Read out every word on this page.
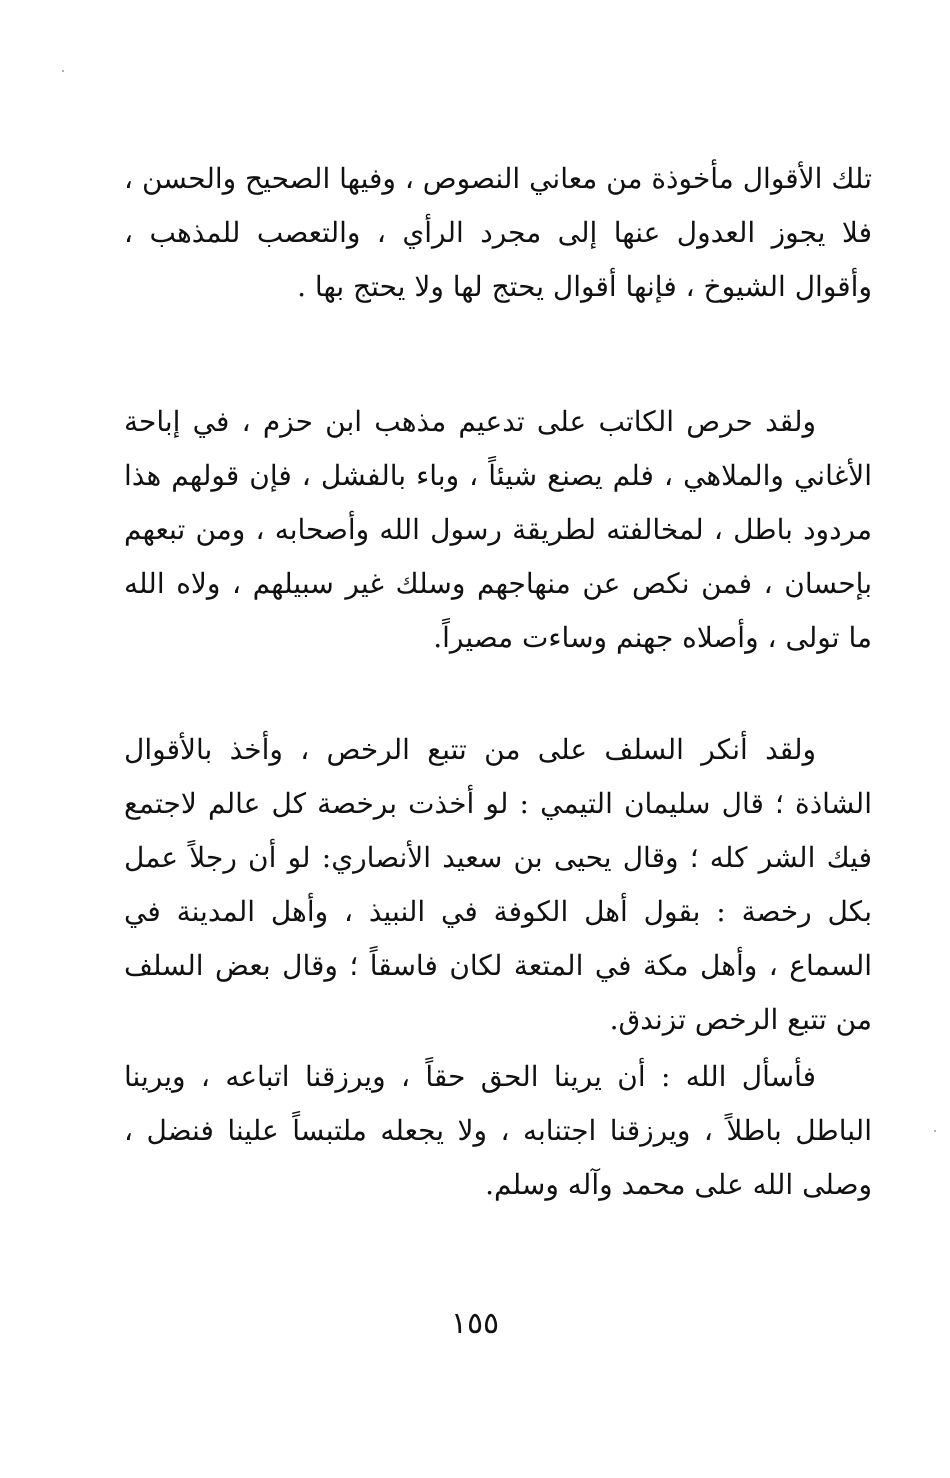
تلك الأقوال مأخوذة من معاني النصوص ، وفيها الصحيح والحسن ، فلا يجوز العدول عنها إلى مجرد الرأي ، والتعصب للمذهب ، وأقوال الشيوخ ، فإنها أقوال يحتج لها ولا يحتج بها .

ولقد حرص الكاتب على تدعيم مذهب ابن حزم ، في إباحة الأغاني والملاهي ، فلم يصنع شيئاً ، وباء بالفشل ، فإن قولهم هذا مردود باطل ، لمخالفته لطريقة رسول الله وأصحابه ، ومن تبعهم بإحسان ، فمن نكص عن منهاجهم وسلك غير سبيلهم ، ولاه الله ما تولى ، وأصلاه جهنم وساءت مصيراً.

ولقد أنكر السلف على من تتبع الرخص ، وأخذ بالأقوال الشاذة ؛ قال سليمان التيمي : لو أخذت برخصة كل عالم لاجتمع فيك الشر كله ؛ وقال يحيى بن سعيد الأنصاري: لو أن رجلاً عمل بكل رخصة : بقول أهل الكوفة في النبيذ ، وأهل المدينة في السماع ، وأهل مكة في المتعة لكان فاسقاً ؛ وقال بعض السلف من تتبع الرخص تزندق.

فأسأل الله : أن يرينا الحق حقاً ، ويرزقنا اتباعه ، ويرينا الباطل باطلاً ، ويرزقنا اجتنابه ، ولا يجعله ملتبساً علينا فنضل ، وصلى الله على محمد وآله وسلم.

١٥٥
